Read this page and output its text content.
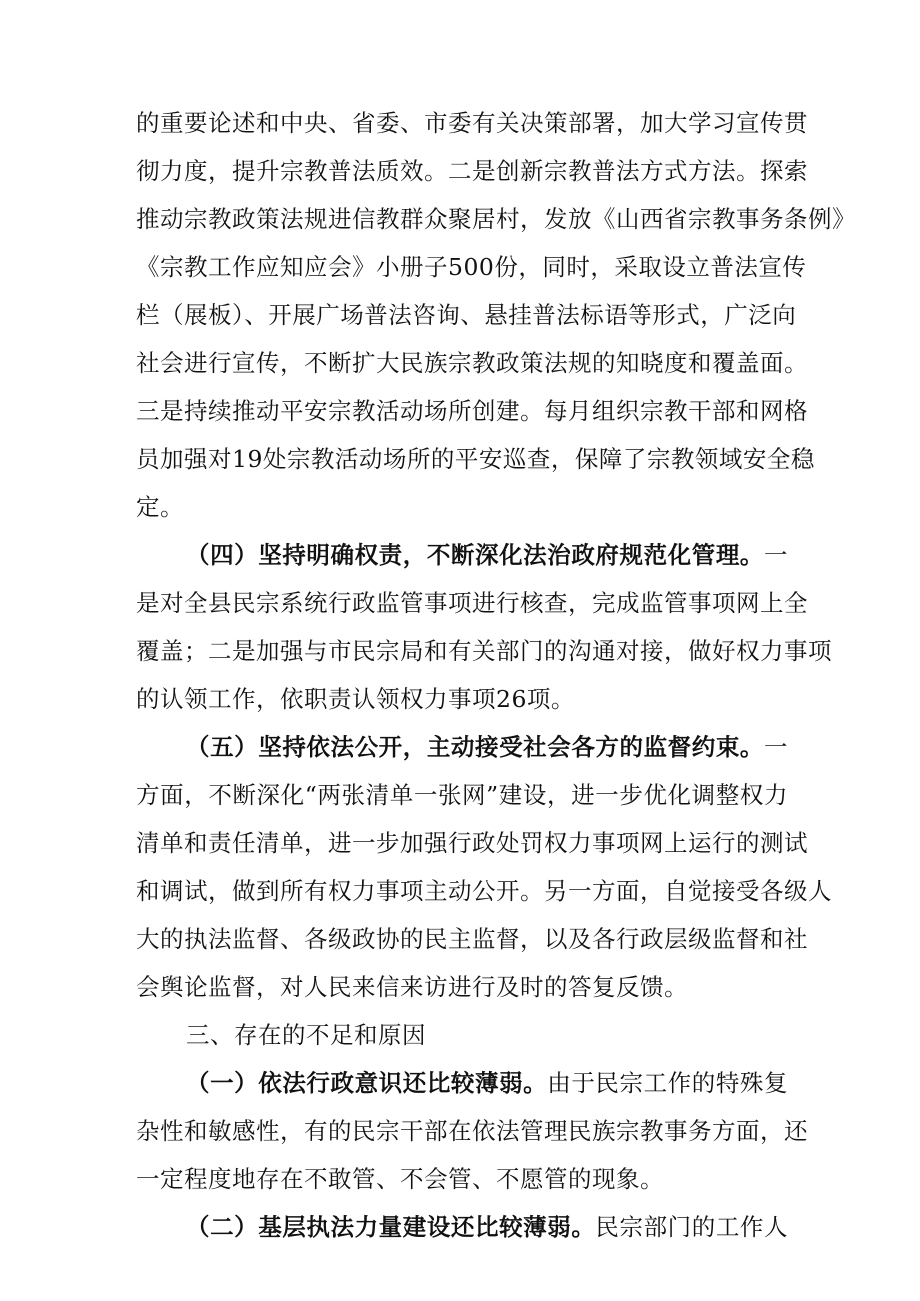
的重要论述和中央、省委、市委有关决策部署，加大学习宣传贯
彻力度，提升宗教普法质效。二是创新宗教普法方式方法。探索
推动宗教政策法规进信教群众聚居村，发放《山西省宗教事务条例》
《宗教工作应知应会》小册子500份，同时，采取设立普法宣传
栏（展板）、开展广场普法咨询、悬挂普法标语等形式，广泛向
社会进行宣传，不断扩大民族宗教政策法规的知晓度和覆盖面。
三是持续推动平安宗教活动场所创建。每月组织宗教干部和网格
员加强对19处宗教活动场所的平安巡查，保障了宗教领域安全稳
定。
（四）坚持明确权责，不断深化法治政府规范化管理。一
是对全县民宗系统行政监管事项进行核查，完成监管事项网上全
覆盖；二是加强与市民宗局和有关部门的沟通对接，做好权力事项
的认领工作，依职责认领权力事项26项。
（五）坚持依法公开，主动接受社会各方的监督约束。一
方面，不断深化“两张清单一张网”建设，进一步优化调整权力
清单和责任清单，进一步加强行政处罚权力事项网上运行的测试
和调试，做到所有权力事项主动公开。另一方面，自觉接受各级人
大的执法监督、各级政协的民主监督，以及各行政层级监督和社
会舆论监督，对人民来信来访进行及时的答复反馈。
三、存在的不足和原因
（一）依法行政意识还比较薄弱。由于民宗工作的特殊复
杂性和敏感性，有的民宗干部在依法管理民族宗教事务方面，还
一定程度地存在不敢管、不会管、不愿管的现象。
（二）基层执法力量建设还比较薄弱。民宗部门的工作人
